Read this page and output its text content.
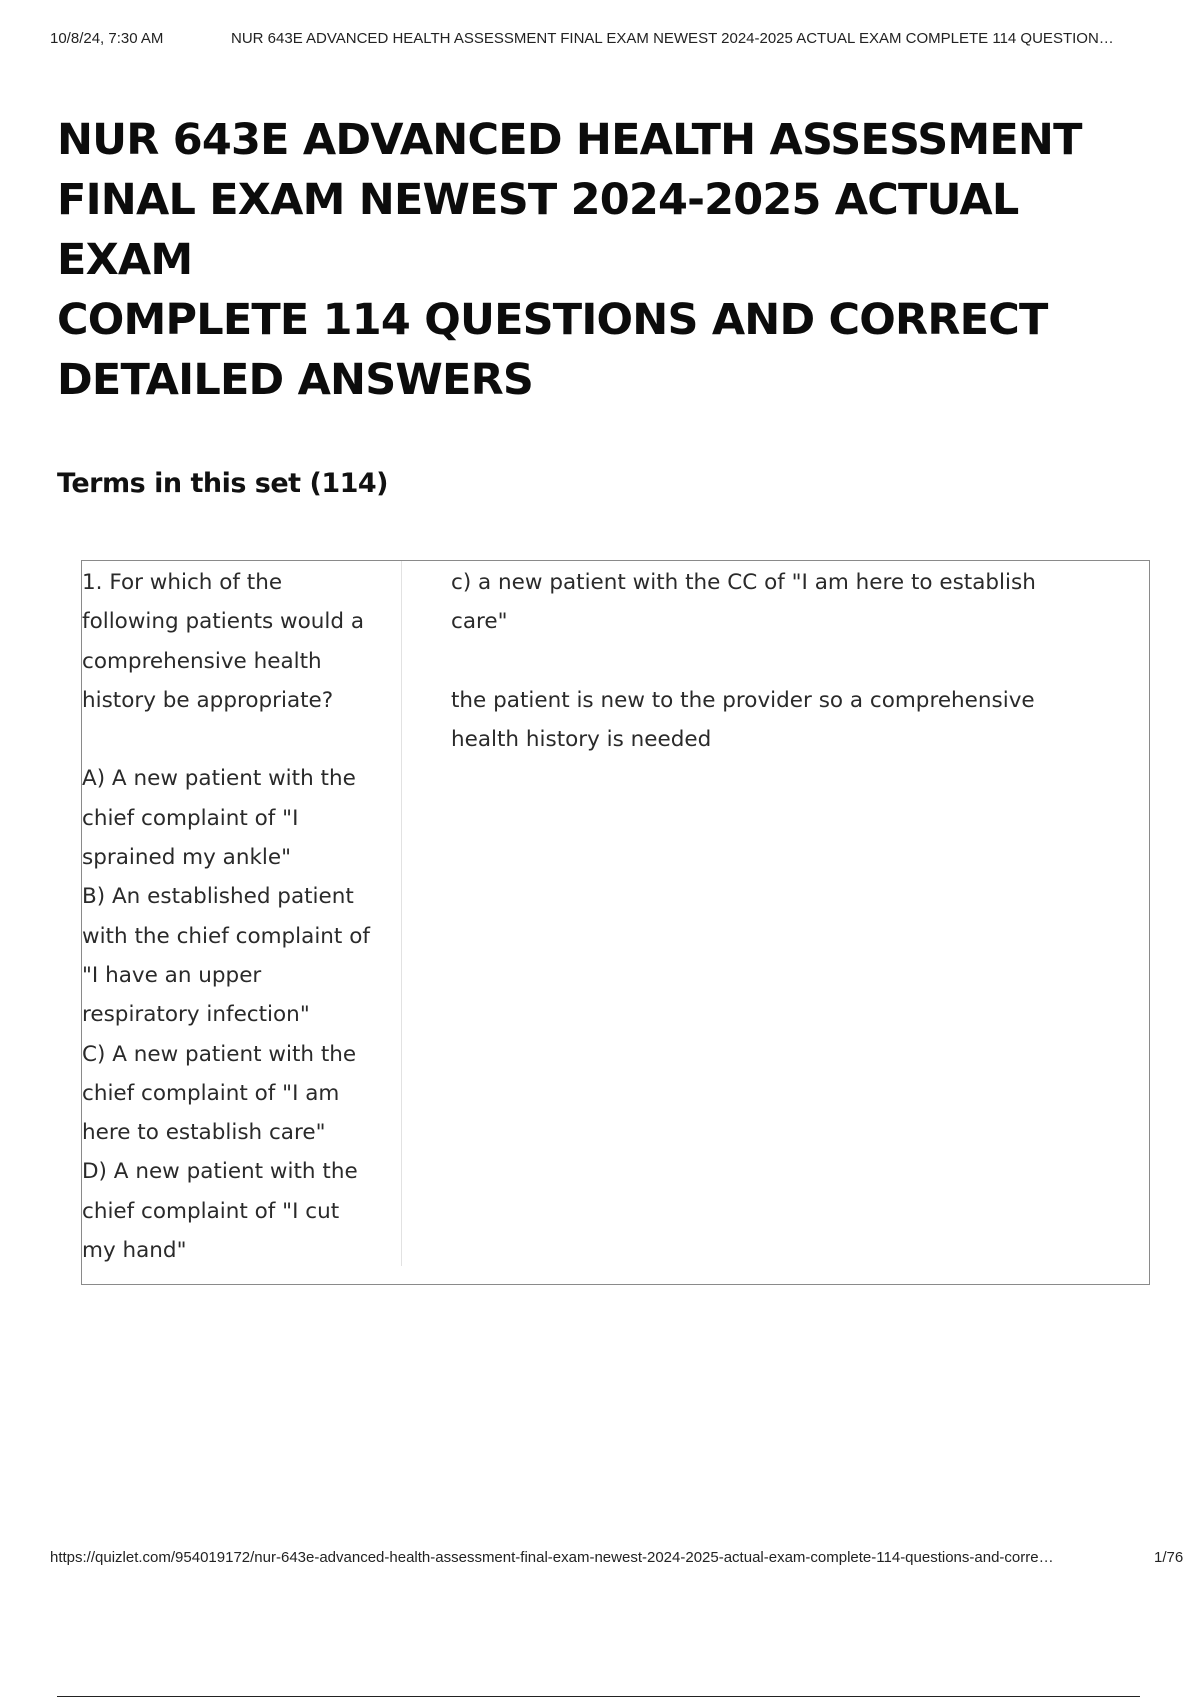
10/8/24, 7:30 AM	NUR 643E ADVANCED HEALTH ASSESSMENT FINAL EXAM NEWEST 2024-2025 ACTUAL EXAM COMPLETE 114 QUESTION…
NUR 643E ADVANCED HEALTH ASSESSMENT
FINAL EXAM NEWEST 2024-2025 ACTUAL EXAM
COMPLETE 114 QUESTIONS AND CORRECT
DETAILED ANSWERS
Terms in this set (114)
1. For which of the
following patients would a
comprehensive health
history be appropriate?
A) A new patient with the
chief complaint of "I
sprained my ankle"
B) An established patient
with the chief complaint of
"I have an upper
respiratory infection"
C) A new patient with the
chief complaint of "I am
here to establish care"
D) A new patient with the
chief complaint of "I cut
my hand"
c) a new patient with the CC of "I am here to establish
care"
the patient is new to the provider so a comprehensive
health history is needed
https://quizlet.com/954019172/nur-643e-advanced-health-assessment-final-exam-newest-2024-2025-actual-exam-complete-114-questions-and-corre…	1/76
